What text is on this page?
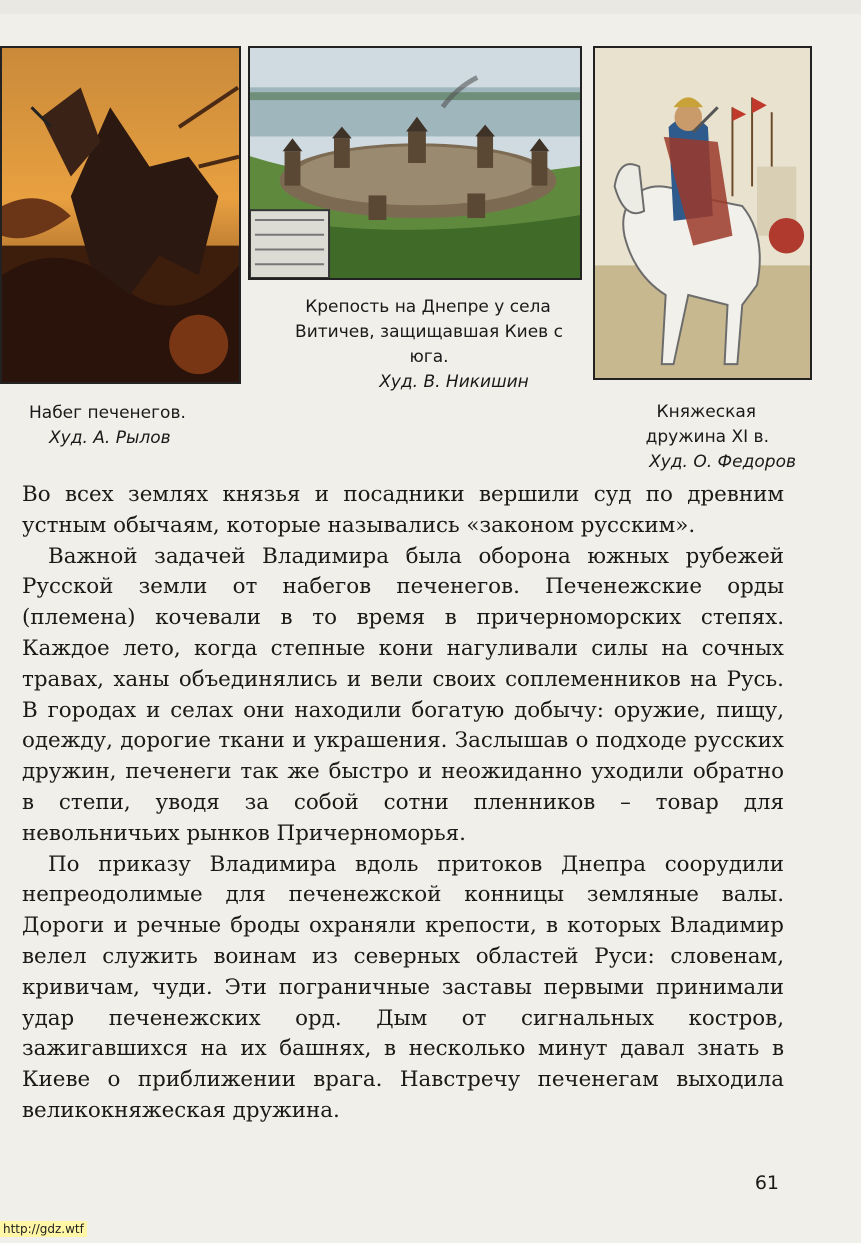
Набег печенегов.
Худ. А. Рылов
Крепость на Днепре у села
Витичев, защищавшая Киев с юга.
Худ. В. Никишин
Княжеская
дружина XI в.
Худ. О. Федоров

Во всех землях князья и посадники вершили суд по древним устным обычаям, которые назывались «законом русским».

Важной задачей Владимира была оборона южных рубежей Русской земли от набегов печенегов. Печенежские орды (племена) кочевали в то время в причерноморских степях. Каждое лето, когда степные кони нагуливали силы на сочных травах, ханы объединялись и вели своих соплеменников на Русь. В городах и селах они находили богатую добычу: оружие, пищу, одежду, дорогие ткани и украшения. Заслышав о подходе русских дружин, печенеги так же быстро и неожиданно уходили обратно в степи, уводя за собой сотни пленников – товар для невольничьих рынков Причерноморья.

По приказу Владимира вдоль притоков Днепра соорудили непреодолимые для печенежской конницы земляные валы. Дороги и речные броды охраняли крепости, в которых Владимир велел служить воинам из северных областей Руси: словенам, кривичам, чуди. Эти пограничные заставы первыми принимали удар печенежских орд. Дым от сигнальных костров, зажигавшихся на их башнях, в несколько минут давал знать в Киеве о приближении врага. Навстречу печенегам выходила великокняжеская дружина.

61
http://gdz.wtf
